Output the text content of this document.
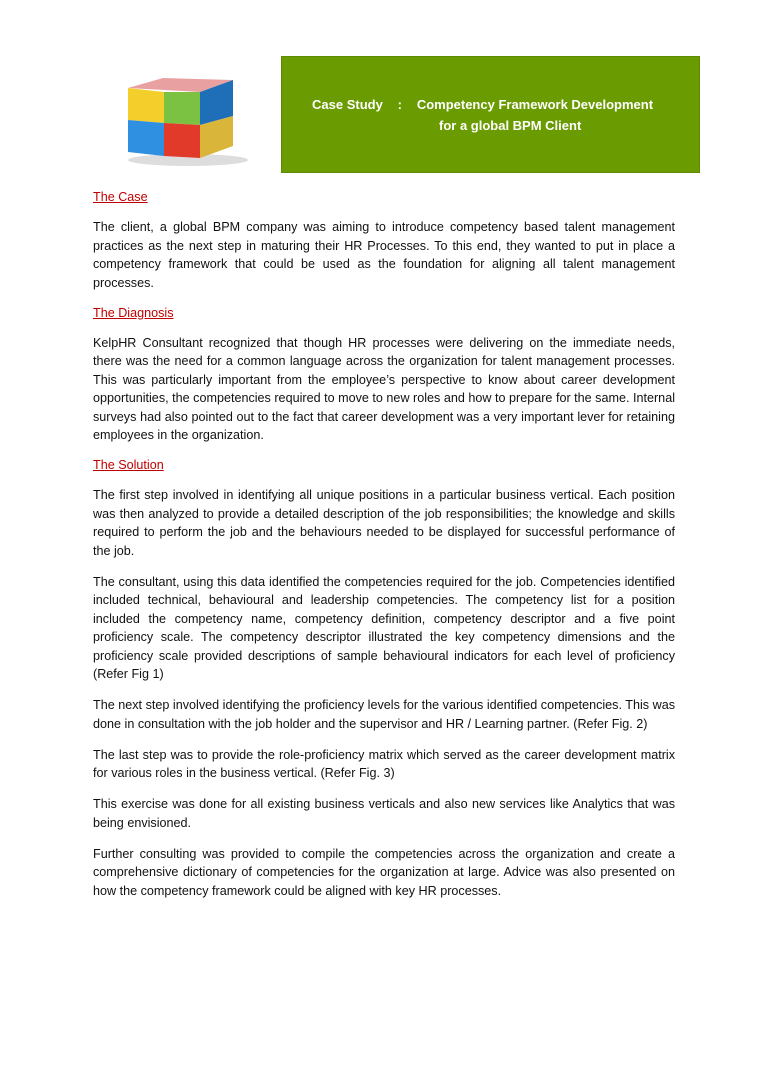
Case Study : Competency Framework Development
for a global BPM Client
The Case

The client, a global BPM company was aiming to introduce competency based talent management practices as the next step in maturing their HR Processes. To this end, they wanted to put in place a competency framework that could be used as the foundation for aligning all talent management processes.

The Diagnosis

KelpHR Consultant recognized that though HR processes were delivering on the immediate needs, there was the need for a common language across the organization for talent management processes. This was particularly important from the employee’s perspective to know about career development opportunities, the competencies required to move to new roles and how to prepare for the same. Internal surveys had also pointed out to the fact that career development was a very important lever for retaining employees in the organization.

The Solution

The first step involved in identifying all unique positions in a particular business vertical. Each position was then analyzed to provide a detailed description of the job responsibilities; the knowledge and skills required to perform the job and the behaviours needed to be displayed for successful performance of the job.

The consultant, using this data identified the competencies required for the job. Competencies identified included technical, behavioural and leadership competencies. The competency list for a position included the competency name, competency definition, competency descriptor and a five point proficiency scale. The competency descriptor illustrated the key competency dimensions and the proficiency scale provided descriptions of sample behavioural indicators for each level of proficiency (Refer Fig 1)

The next step involved identifying the proficiency levels for the various identified competencies. This was done in consultation with the job holder and the supervisor and HR / Learning partner. (Refer Fig. 2)

The last step was to provide the role-proficiency matrix which served as the career development matrix for various roles in the business vertical. (Refer Fig. 3)

This exercise was done for all existing business verticals and also new services like Analytics that was being envisioned.

Further consulting was provided to compile the competencies across the organization and create a comprehensive dictionary of competencies for the organization at large. Advice was also presented on how the competency framework could be aligned with key HR processes.
